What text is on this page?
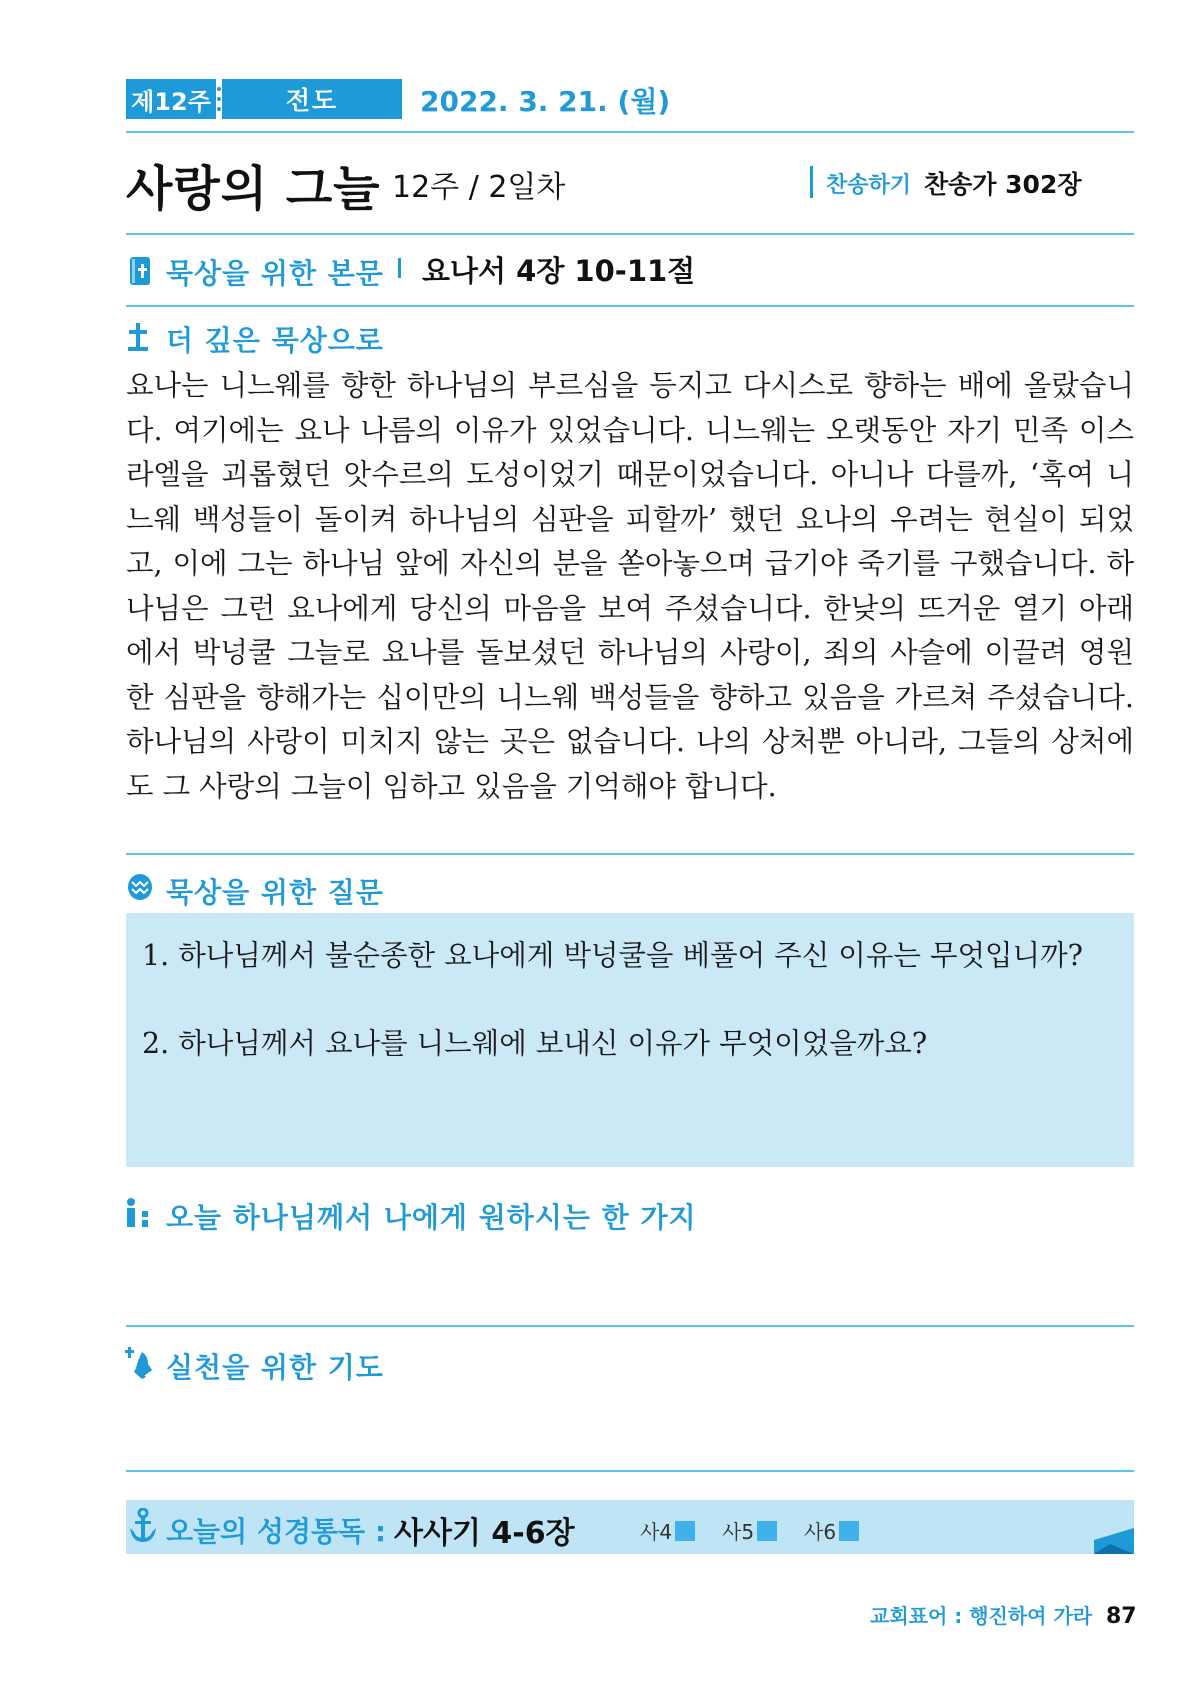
제12주	전도	2022. 3. 21. (월)
사랑의 그늘 12주 / 2일차	찬송하기 찬송가 302장
묵상을 위한 본문 요나서 4장 10-11절
더 깊은 묵상으로
요나는 니느웨를 향한 하나님의 부르심을 등지고 다시스로 향하는 배에 올랐습니다. 여기에는 요나 나름의 이유가 있었습니다. 니느웨는 오랫동안 자기 민족 이스라엘을 괴롭혔던 앗수르의 도성이었기 때문이었습니다. 아니나 다를까, ‘혹여 니느웨 백성들이 돌이켜 하나님의 심판을 피할까’ 했던 요나의 우려는 현실이 되었고, 이에 그는 하나님 앞에 자신의 분을 쏟아놓으며 급기야 죽기를 구했습니다. 하나님은 그런 요나에게 당신의 마음을 보여 주셨습니다. 한낮의 뜨거운 열기 아래에서 박넝쿨 그늘로 요나를 돌보셨던 하나님의 사랑이, 죄의 사슬에 이끌려 영원한 심판을 향해가는 십이만의 니느웨 백성들을 향하고 있음을 가르쳐 주셨습니다. 하나님의 사랑이 미치지 않는 곳은 없습니다. 나의 상처뿐 아니라, 그들의 상처에도 그 사랑의 그늘이 임하고 있음을 기억해야 합니다.
묵상을 위한 질문
1. 하나님께서 불순종한 요나에게 박넝쿨을 베풀어 주신 이유는 무엇입니까?
2. 하나님께서 요나를 니느웨에 보내신 이유가 무엇이었을까요?
오늘 하나님께서 나에게 원하시는 한 가지
실천을 위한 기도
오늘의 성경통독 : 사사기 4-6장	사4 사5 사6
교회표어 : 행진하여 가라 87
